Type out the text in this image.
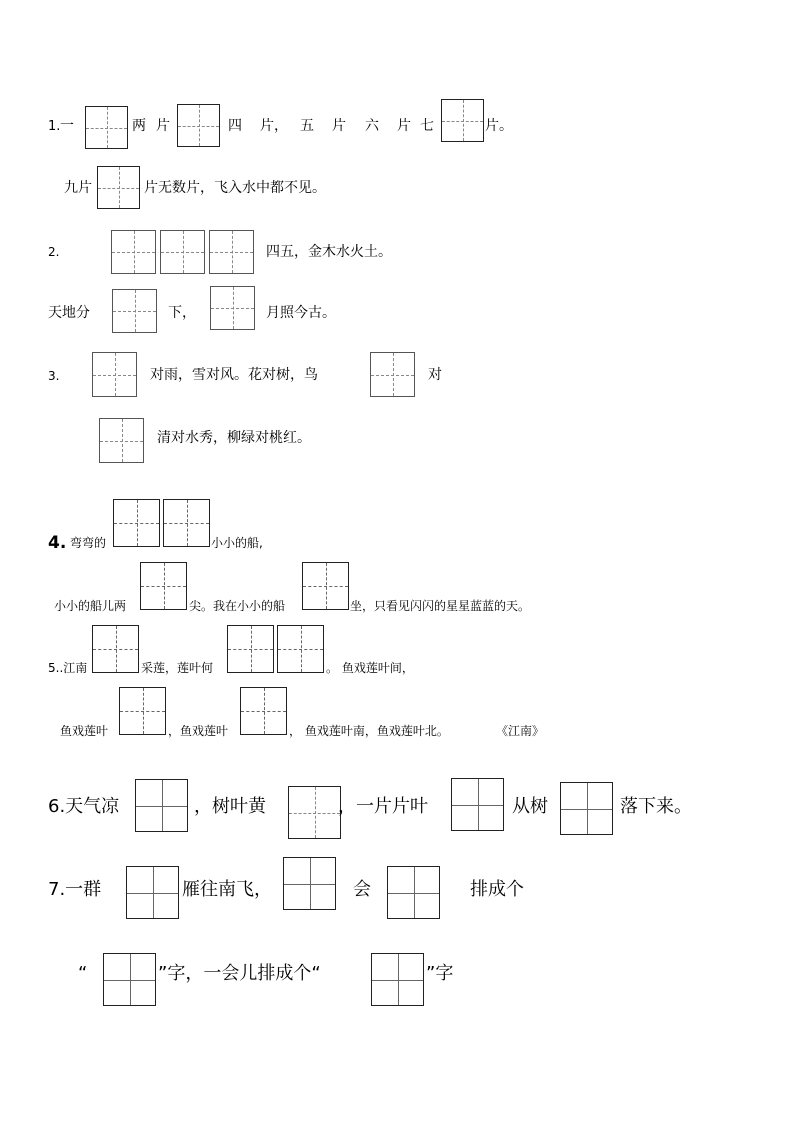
1. 一	两 片	四 片， 五 片 六 片 七	片。
九片	片无数片，飞入水中都不见。
2.	四五，金木水火土。
天地分	下，	月照今古。
3.	对雨，雪对风。花对树，鸟	对
清对水秀，柳绿对桃红。
4. 弯弯的	小小的船,
小小的船儿两	尖。我在小小的船	坐，只看见闪闪的星星蓝蓝的天。
5..江南	采莲，莲叶何	。 鱼戏莲叶间，
鱼戏莲叶	，鱼戏莲叶	， 鱼戏莲叶南，鱼戏莲叶北。	《江南》
6.天气凉	，树叶黄	，一片片叶	从树	落下来。
7.一群	雁往南飞，	会	排成个
“	”字，一会儿排成个“	”字
